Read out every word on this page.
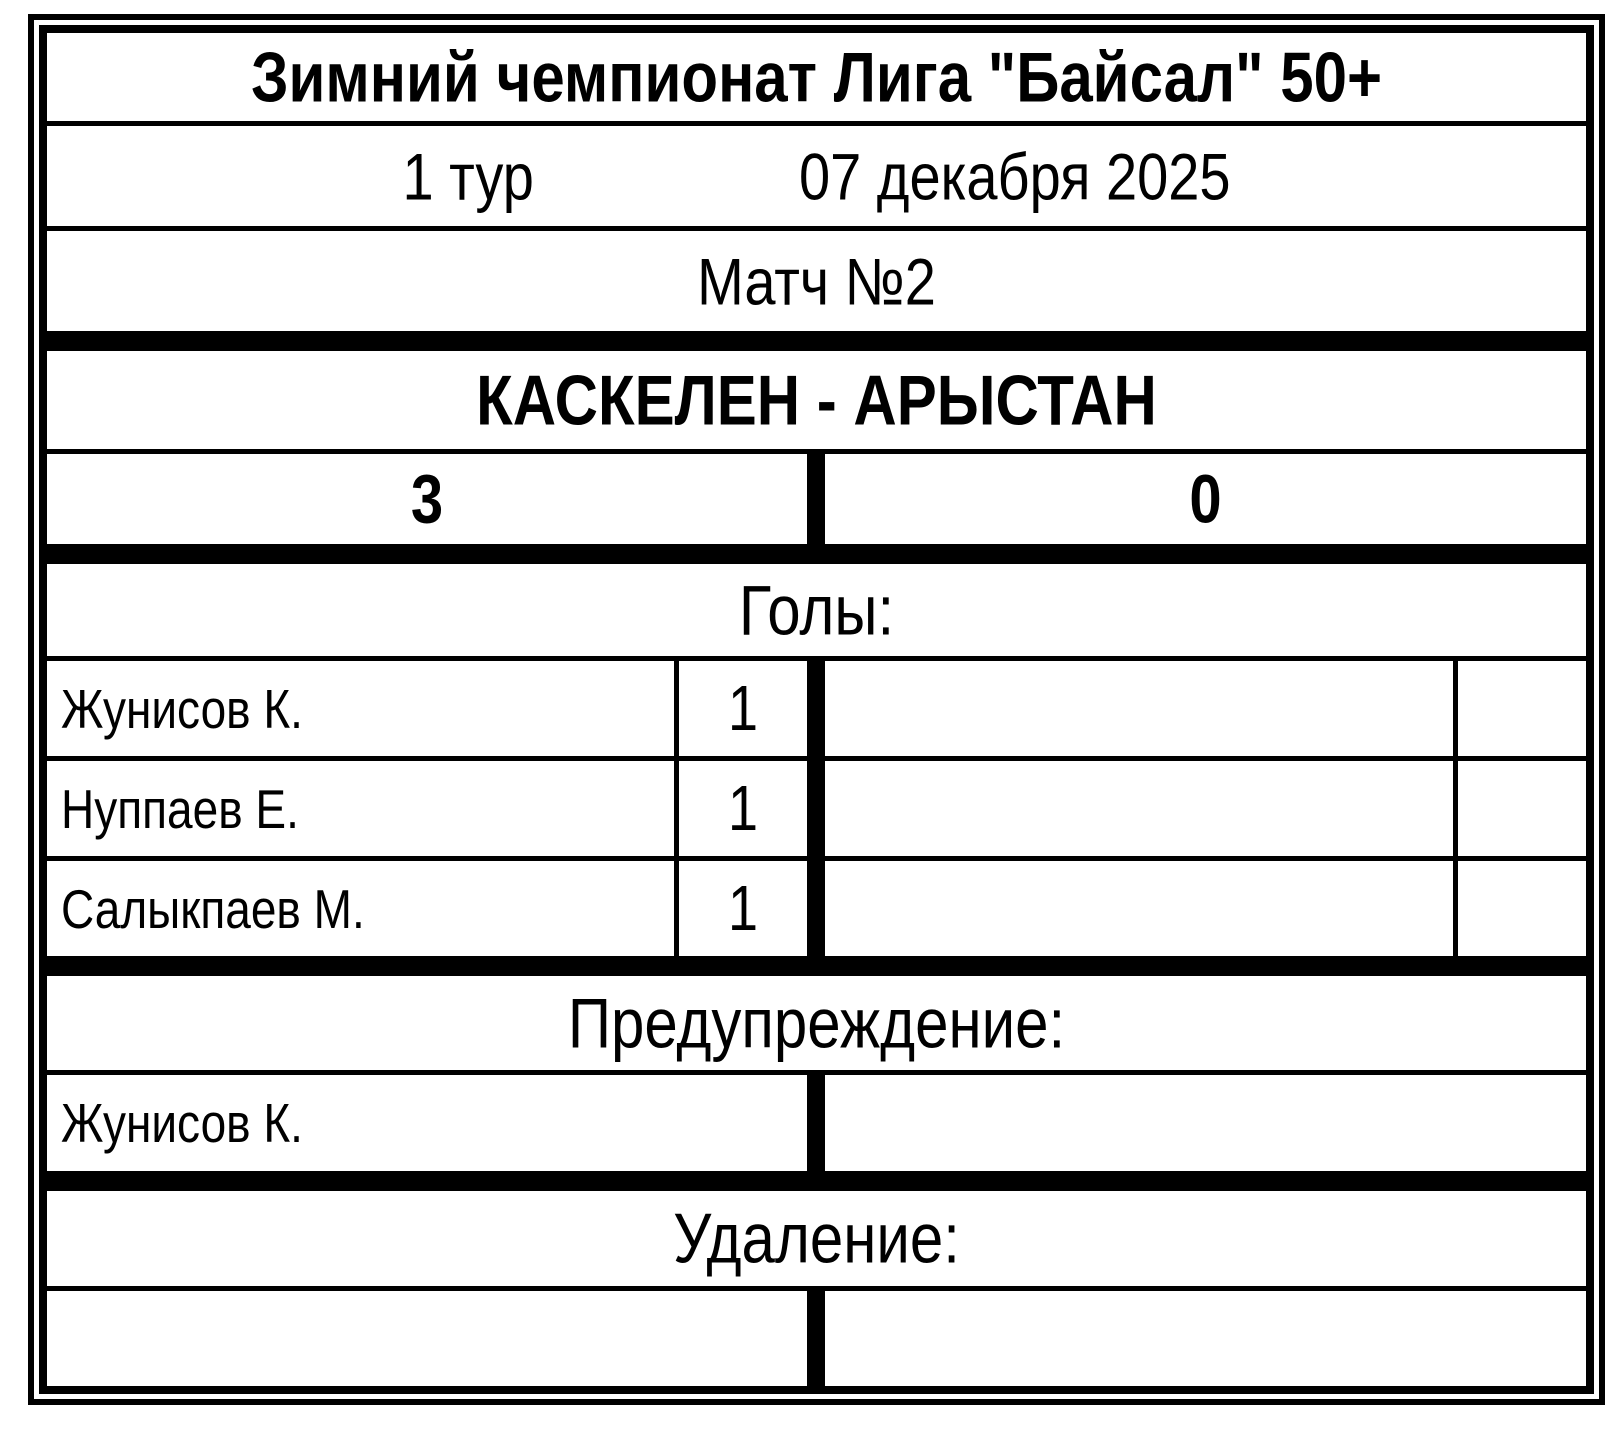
Зимний чемпионат Лига "Байсал" 50+
1 тур	07 декабря 2025
Матч №2
КАСКЕЛЕН - АРЫСТАН
3	0
Голы:
Жунисов К.	1
Нуппаев Е.	1
Салыкпаев М.	1
Предупреждение:
Жунисов К.
Удаление:
